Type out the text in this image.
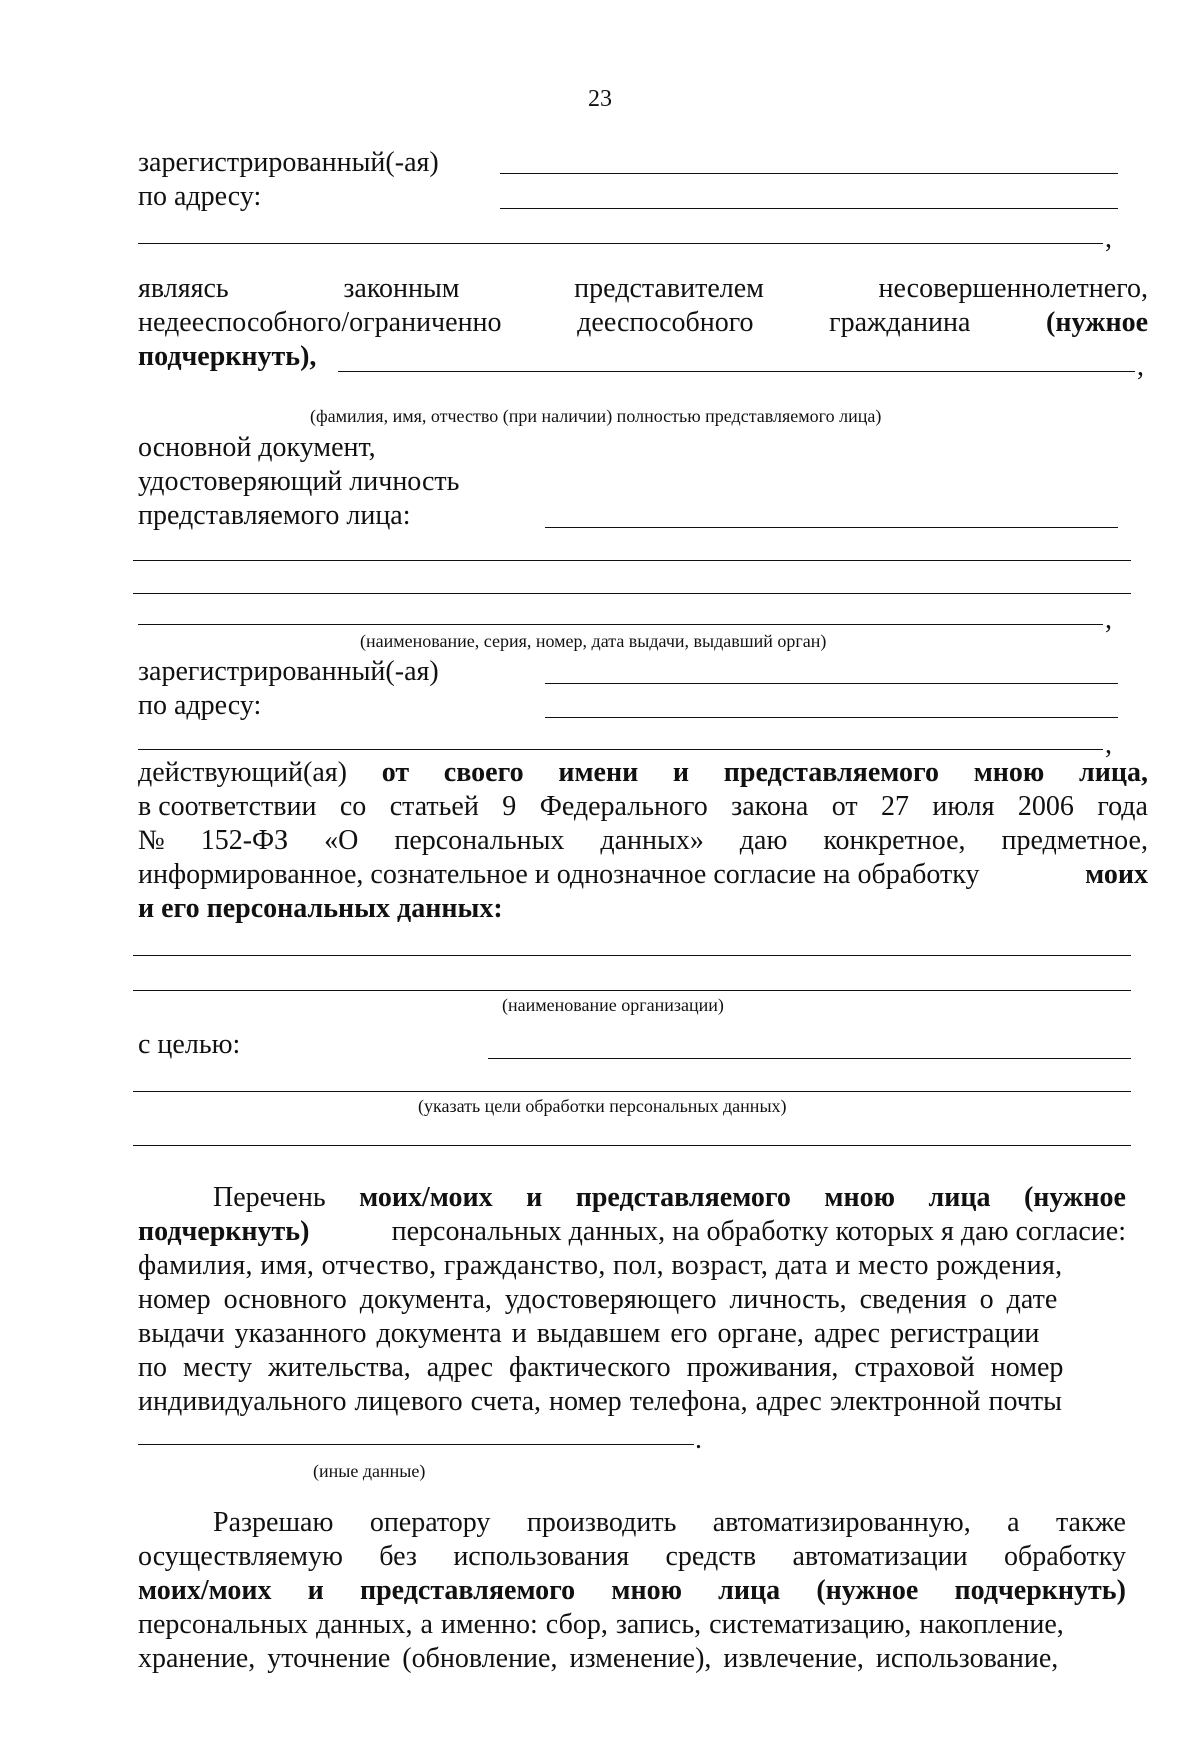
23
зарегистрированный(-ая)
по адресу:
,
являясь	законным	представителем	несовершеннолетнего,
недееспособного/ограниченно	дееспособного	гражданина	(нужное
подчеркнуть),	,
(фамилия, имя, отчество (при наличии) полностью представляемого лица)
основной документ,
удостоверяющий личность
представляемого лица:
,
(наименование, серия, номер, дата выдачи, выдавший орган)
зарегистрированный(-ая)
по адресу:
,
действующий(ая) от своего имени и представляемого мною лица,
в соответствии со статьей 9 Федерального закона от 27 июля 2006 года
№ 152-ФЗ «О персональных данных» даю конкретное, предметное,
информированное, сознательное и однозначное согласие на обработку	моих
и его персональных данных:
(наименование организации)
с целью:
(указать цели обработки персональных данных)
Перечень моих/моих и представляемого мною лица (нужное
подчеркнуть)	персональных данных, на обработку которых я даю согласие:
фамилия, имя, отчество, гражданство, пол, возраст, дата и место рождения,
номер основного документа, удостоверяющего личность, сведения о дате
выдачи указанного документа и выдавшем его органе, адрес регистрации
по месту жительства, адрес фактического проживания, страховой номер
индивидуального лицевого счета, номер телефона, адрес электронной почты
.
(иные данные)
Разрешаю оператору производить автоматизированную, а также
осуществляемую без использования средств автоматизации обработку
моих/моих и представляемого мною лица (нужное подчеркнуть)
персональных данных, а именно: сбор, запись, систематизацию, накопление,
хранение, уточнение (обновление, изменение), извлечение, использование,
